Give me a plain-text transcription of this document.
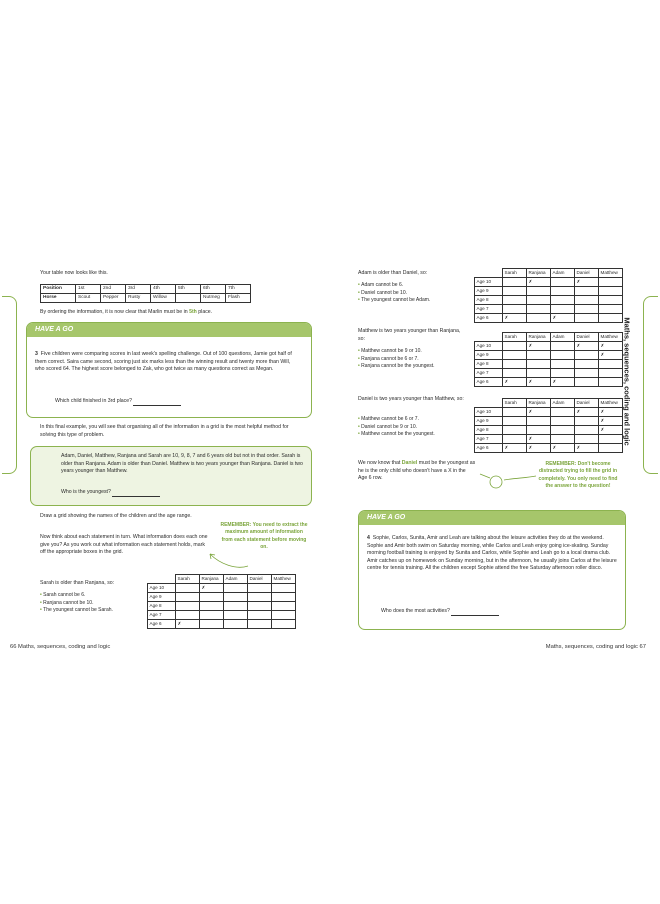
Your table now looks like this.
Position	1st	2nd	3rd	4th	5th	6th	7th
Horse	Scout	Pepper	Rusty	Willow		Nutmeg	Flash
By ordering the information, it is now clear that Marlin must be in 5th place.
HAVE A GO
3 Five children were comparing scores in last week's spelling challenge. Out of 100 questions, Jamie got half of them correct. Saira came second, scoring just six marks less than the winning result and twenty more than Will, who scored 64. The highest score belonged to Zak, who got twice as many questions correct as Megan.
Which child finished in 3rd place?
In this final example, you will see that organising all of the information in a grid is the most helpful method for solving this type of problem.
Adam, Daniel, Matthew, Ranjana and Sarah are 10, 9, 8, 7 and 6 years old but not in that order. Sarah is older than Ranjana. Adam is older than Daniel. Matthew is two years younger than Ranjana. Daniel is two years younger than Matthew.
Who is the youngest?
Draw a grid showing the names of the children and the age range.
Now think about each statement in turn. What information does each one give you? As you work out what information each statement holds, mark off the appropriate boxes in the grid.
REMEMBER: You need to extract the maximum amount of information from each statement before moving on.
Sarah is older than Ranjana, so:
• Sarah cannot be 6.
• Ranjana cannot be 10.
• The youngest cannot be Sarah.
	Sarah	Ranjana	Adam	Daniel	Matthew
Age 10		✗			
Age 9					
Age 8					
Age 7					
Age 6	✗				
66 Maths, sequences, coding and logic
Maths, sequences, coding and logic
Adam is older than Daniel, so:
• Adam cannot be 6.
• Daniel cannot be 10.
• The youngest cannot be Adam.
	Sarah	Ranjana	Adam	Daniel	Matthew
Age 10		✗		✗	
Age 9					
Age 8					
Age 7					
Age 6	✗		✗		
Matthew is two years younger than Ranjana, so:
• Matthew cannot be 9 or 10.
• Ranjana cannot be 6 or 7.
• Ranjana cannot be the youngest.
	Sarah	Ranjana	Adam	Daniel	Matthew
Age 10		✗		✗	✗
Age 9					✗
Age 8					
Age 7					
Age 6	✗	✗	✗		
Daniel is two years younger than Matthew, so:
• Matthew cannot be 6 or 7.
• Daniel cannot be 9 or 10.
• Matthew cannot be the youngest.
	Sarah	Ranjana	Adam	Daniel	Matthew
Age 10		✗		✗	✗
Age 9					✗
Age 8					✗
Age 7		✗			
Age 6	✗	✗	✗	✗	
We now know that Daniel must be the youngest as he is the only child who doesn't have a X in the Age 6 row.
REMEMBER: Don't become distracted trying to fill the grid in completely. You only need to find the answer to the question!
HAVE A GO
4 Sophie, Carlos, Sunita, Amir and Leah are talking about the leisure activities they do at the weekend. Sophie and Amir both swim on Saturday morning, while Carlos and Leah enjoy going ice-skating. Sunday morning football training is enjoyed by Sunita and Carlos, while Sophie and Leah go to a local drama club. Amir catches up on homework on Sunday morning, but in the afternoon, he usually joins Carlos at the leisure centre for tennis training. All the children except Sophie attend the free Saturday afternoon roller disco.
Who does the most activities?
Maths, sequences, coding and logic 67
